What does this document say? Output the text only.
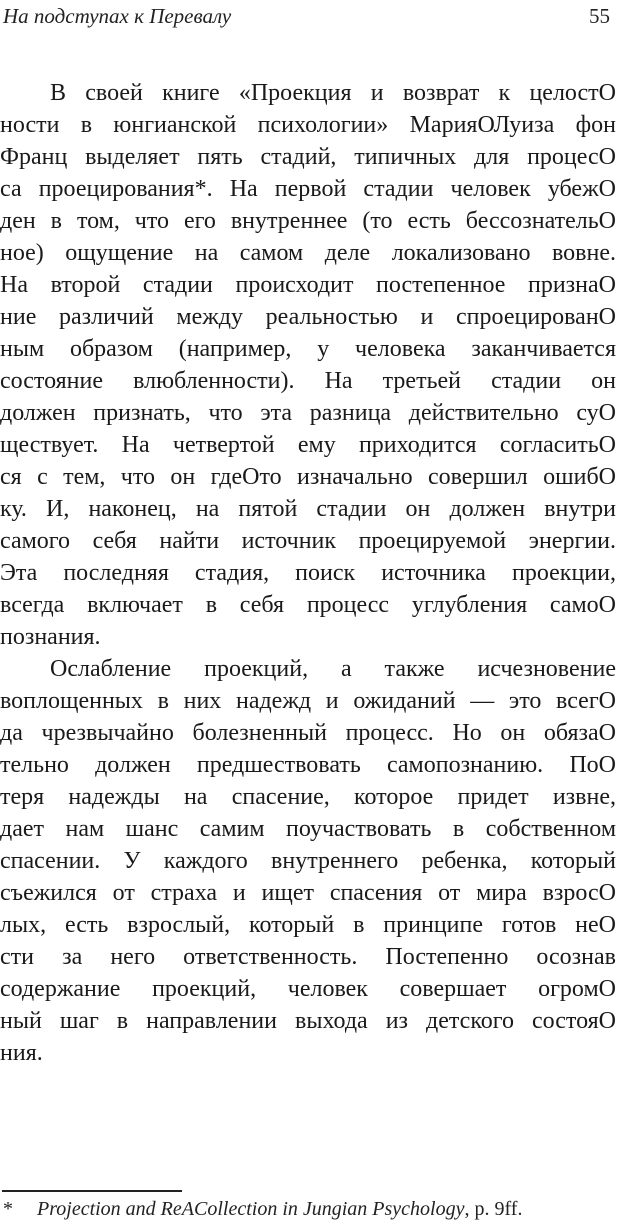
На подступах к Перевалу	55
В своей книге «Проекция и возврат к целостО
ности в юнгианской психологии» МарияОЛуиза фон
Франц выделяет пять стадий, типичных для процесО
са проецирования*. На первой стадии человек убежО
ден в том, что его внутреннее (то есть бессознательО
ное) ощущение на самом деле локализовано вовне.
На второй стадии происходит постепенное признаО
ние различий между реальностью и спроецированО
ным образом (например, у человека заканчивается
состояние влюбленности). На третьей стадии он
должен признать, что эта разница действительно суО
ществует. На четвертой ему приходится согласитьО
ся с тем, что он гдеОто изначально совершил ошибО
ку. И, наконец, на пятой стадии он должен внутри
самого себя найти источник проецируемой энергии.
Эта последняя стадия, поиск источника проекции,
всегда включает в себя процесс углубления самоО
познания.
Ослабление проекций, а также исчезновение
воплощенных в них надежд и ожиданий — это всегО
да чрезвычайно болезненный процесс. Но он обязаО
тельно должен предшествовать самопознанию. ПоО
теря надежды на спасение, которое придет извне,
дает нам шанс самим поучаствовать в собственном
спасении. У каждого внутреннего ребенка, который
съежился от страха и ищет спасения от мира взросО
лых, есть взрослый, который в принципе готов неО
сти за него ответственность. Постепенно осознав
содержание проекций, человек совершает огромО
ный шаг в направлении выхода из детского состояО
ния.
* Projection and ReACollection in Jungian Psychology, p. 9ff.
